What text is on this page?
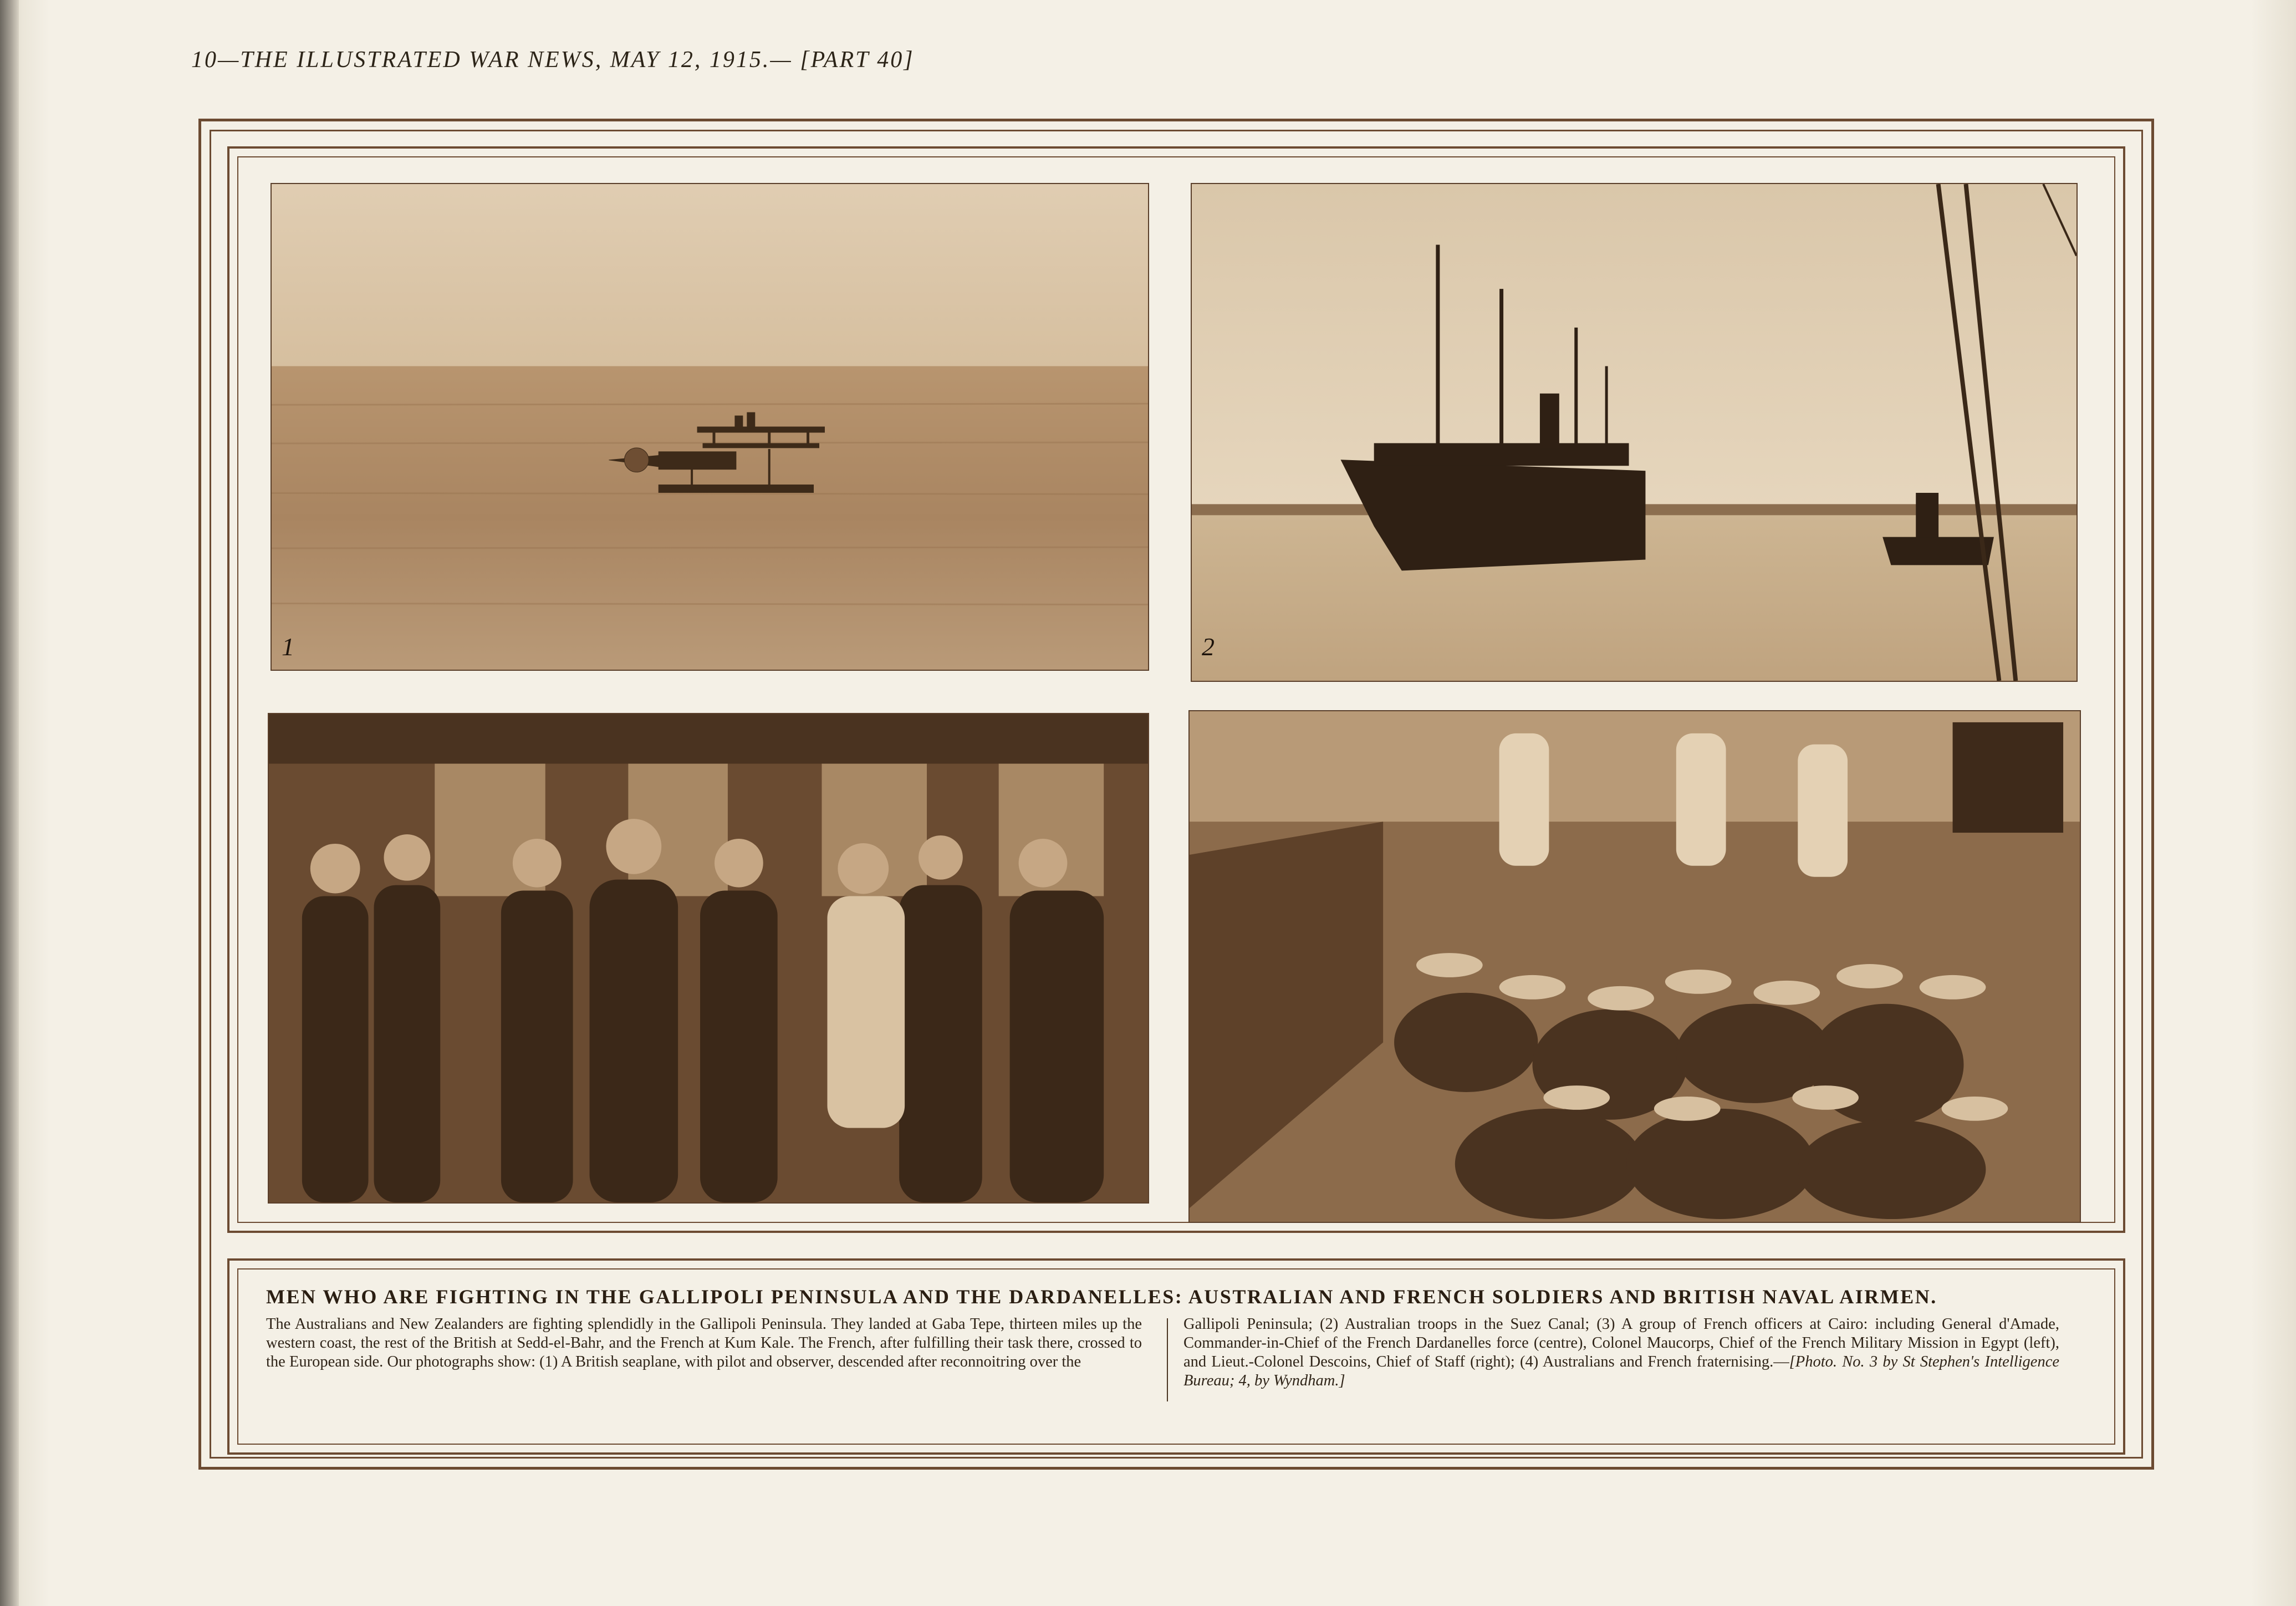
10—THE ILLUSTRATED WAR NEWS, MAY 12, 1915.— [PART 40]
1	2
MEN WHO ARE FIGHTING IN THE GALLIPOLI PENINSULA AND THE DARDANELLES: AUSTRALIAN AND FRENCH SOLDIERS AND BRITISH NAVAL AIRMEN.
The Australians and New Zealanders are fighting splendidly in the Gallipoli Peninsula. They landed at Gaba Tepe, thirteen miles up the western coast, the rest of the British at Sedd-el-Bahr, and the French at Kum Kale. The French, after fulfilling their task there, crossed to the European side. Our photographs show: (1) A British seaplane, with pilot and observer, descended after reconnoitring over the
Gallipoli Peninsula; (2) Australian troops in the Suez Canal; (3) A group of French officers at Cairo: including General d'Amade, Commander-in-Chief of the French Dardanelles force (centre), Colonel Maucorps, Chief of the French Military Mission in Egypt (left), and Lieut.-Colonel Descoins, Chief of Staff (right); (4) Australians and French fraternising.—[Photo. No. 3 by St Stephen's Intelligence Bureau; 4, by Wyndham.]
